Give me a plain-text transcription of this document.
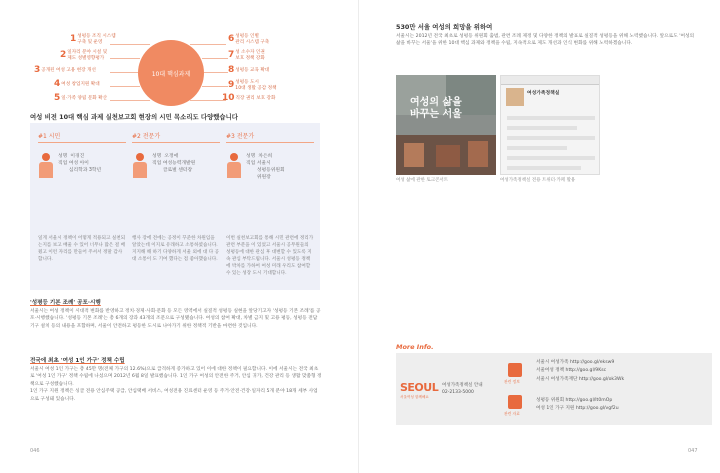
10대 핵심과제
1성평등 조직 시스템
구축 및 운영
2일자리 분야 시설 및
제도 성별영향평가
3공개된 여성 고용 현장 개선
4여성 창업지원 확대
5일·가족 양립 문화 확산
6성평등 인별
관리 시스템 구축
7성 소수자 인권
보호 정책 강화
8성평등 교육 확대
9성평등 도시
10대 생활 공감 정책
10직장 권리 보호 강화
여성 비전 10대 핵심 과제 실천보고회 현장의 시민 목소리도 다양했습니다
#1 시민
성명 이경진
직업
여성 아이
심리학과 3학년
일게 서울시 정책이 어떻게 적용되고 실천되는지를 보고 배울 수 있어 너무나 많은 걸 배웠고 이런 자리를 만들어 주셔서 정말 감사합니다.
#2 전문가
성명 오정애
직업
여성능력개발원
글로벌 센터장
행사 장에 전에는 공정이 꾸준한 차원임을 알았는데 이지로 유래하고 소통하였습니다. 지지해 해 하기 다양하게 서울 외에 대 다 공대 소통이 도 기여 했다는 점 좋아했습니다.
#3 전문가
성명 차은희
직업
서울시
성평등위원회
위원장
이번 실천보고회를 통해 시민 관련에 정리가 관련 부분을 이 있었고 서울시 공무원들의 성평등에 대한 관심 후 대변할 수 있도록 지속 관심 부탁드립니다. 서울시 성평등 정책에 박차를 가하여 여성 미래 우리도 참여할 수 있는 성장 도시 기대합니다.
'성평등 기본 조례' 공포·시행
서울시는 여성 정책이 시대적 변화를 반영하고 정치·경제·사회·문화 등 모든 영역에서 실질적 성평등 실현을 앞당기고자 '성평등 기본 조례'를 공포·시행했습니다. '성평등 기본 조례'는 총 6개의 장과 43개의 조문으로 구성됐습니다. 여성의 참여 확대, 차별 금지 및 고용 평등, 성평등 전담 기구 설치 등의 내용을 포함하며, 서울이 안전하고 평등한 도시로 나아가기 위한 정책적 기반을 마련한 것입니다.
전국에 최초 '여성 1인 가구' 정책 수립
서울시 여성 1인 가구는 총 45만 명(전체 가구의 12.6%)으로 급격하게 증가하고 있어 이에 대한 정책이 필요합니다. 이에 서울시는 전국 최초로 '여성 1인 가구' 정책 수립에 나섰으며 2012년 6월 8일 발표했습니다. 1인 가구 여성의 안전한 주거, 안심 귀가, 건강 관리 등 생활 맞춤형 정책으로 구성했습니다.
1인 가구 지원 정책은 싱글 전용 안심주택 공급, 안심택배 서비스, 여성전용 진료센터 운영 등 주거·안전·건강·일자리 5개 분야 18개 세부 사업으로 구성돼 있습니다.
046
530만 서울 여성의 희망을 위하여
서울시는 2012년 전국 최초로 성평등 위원회 출범, 관련 조례 제정 및 다양한 정책의 발표로 실질적 성평등을 위해 노력했습니다. 앞으로도 '여성의 삶을 바꾸는 서울'을 위한 10대 핵심 과제와 정책을 수립, 지속적으로 제도 개선과 인식 변화를 위해 노력하겠습니다.
여성의 삶을
바꾸는 서울
여성가족정책실
여성 삶에 관한 토크콘서트	여성가족정책실 전용 트위터·카페 활용
More Info.
SEOUL
서울여성 함께해요
여성가족정책실 안내
02-2133-5000
관련 정보
관련 자료
서울시 여성가족 http://goo.gl/eksw9
서울여성 정책 http://goo.gl/9Ksc
서울시 여성가족재단 http://goo.gl/ok3Wk
성평등 위원회 http://goo.gl/lt0mOp
여성 1인 가구 지원 http://goo.gl/vgf2u
047
